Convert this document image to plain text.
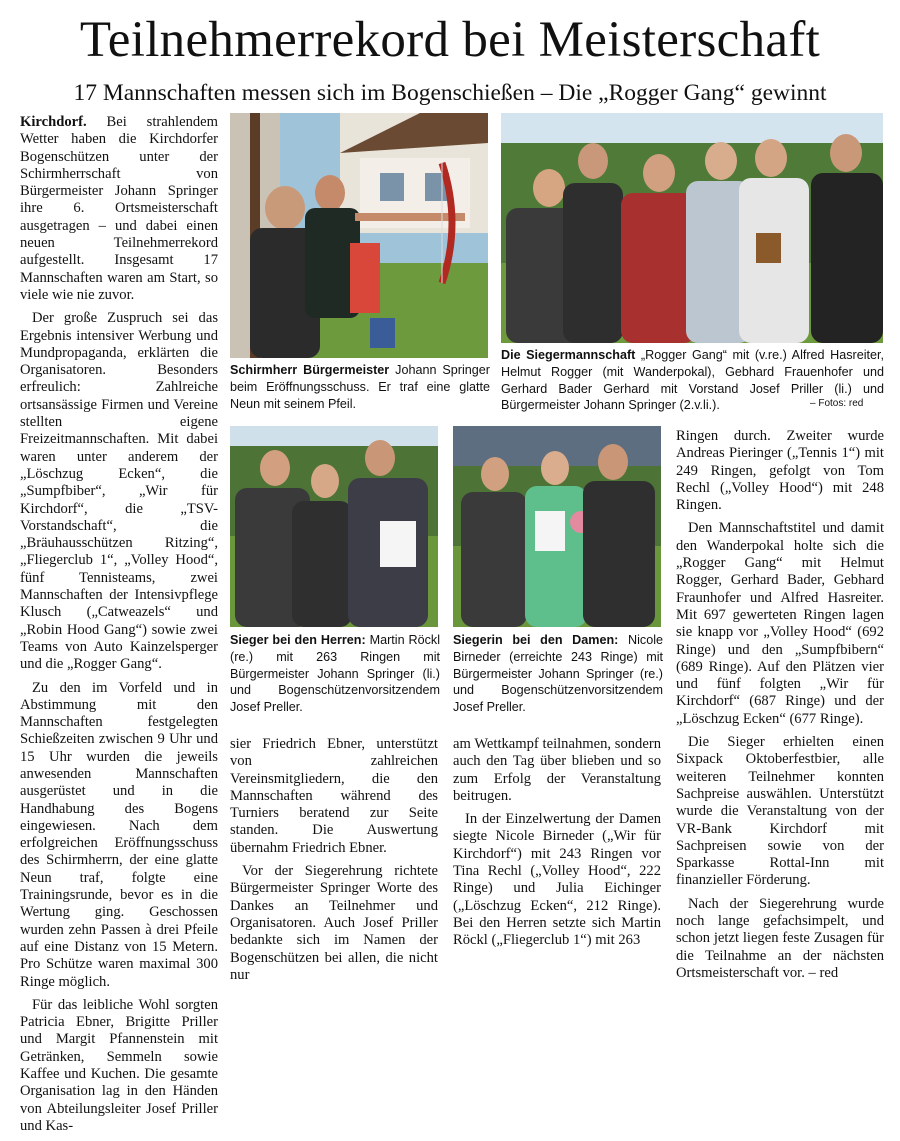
Teilnehmerrekord bei Meisterschaft
17 Mannschaften messen sich im Bogenschießen – Die „Rogger Gang“ gewinnt

Kirchdorf. Bei strahlendem Wetter haben die Kirchdorfer Bogenschützen unter der Schirmherrschaft von Bürgermeister Johann Springer ihre 6. Ortsmeisterschaft ausgetragen – und dabei einen neuen Teilnehmerrekord aufgestellt. Insgesamt 17 Mannschaften waren am Start, so viele wie nie zuvor.

Der große Zuspruch sei das Ergebnis intensiver Werbung und Mundpropaganda, erklärten die Organisatoren. Besonders erfreulich: Zahlreiche ortsansässige Firmen und Vereine stellten eigene Freizeitmannschaften. Mit dabei waren unter anderem der „Löschzug Ecken“, die „Sumpfbiber“, „Wir für Kirchdorf“, die „TSV-Vorstandschaft“, die „Bräuhausschützen Ritzing“, „Fliegerclub 1“, „Volley Hood“, fünf Tennisteams, zwei Mannschaften der Intensivpflege Klusch („Catweazels“ und „Robin Hood Gang“) sowie zwei Teams von Auto Kainzelsperger und die „Rogger Gang“.

Zu den im Vorfeld und in Abstimmung mit den Mannschaften festgelegten Schießzeiten zwischen 9 Uhr und 15 Uhr wurden die jeweils anwesenden Mannschaften ausgerüstet und in die Handhabung des Bogens eingewiesen. Nach dem erfolgreichen Eröffnungsschuss des Schirmherrn, der eine glatte Neun traf, folgte eine Trainingsrunde, bevor es in die Wertung ging. Geschossen wurden zehn Passen à drei Pfeile auf eine Distanz von 15 Metern. Pro Schütze waren maximal 300 Ringe möglich.

Für das leibliche Wohl sorgten Patricia Ebner, Brigitte Priller und Margit Pfannenstein mit Getränken, Semmeln sowie Kaffee und Kuchen. Die gesamte Organisation lag in den Händen von Abteilungsleiter Josef Priller und Kas-

Schirmherr Bürgermeister Johann Springer beim Eröffnungsschuss. Er traf eine glatte Neun mit seinem Pfeil.
Die Siegermannschaft „Rogger Gang“ mit (v.re.) Alfred Hasreiter, Helmut Rogger (mit Wanderpokal), Gebhard Frauenhofer und Gerhard Bader Gerhard mit Vorstand Josef Priller (li.) und Bürgermeister Johann Springer (2.v.li.).	– Fotos: red
Sieger bei den Herren: Martin Röckl (re.) mit 263 Ringen mit Bürgermeister Johann Springer (li.) und Bogenschützenvorsitzendem Josef Preller.
Siegerin bei den Damen: Nicole Birneder (erreichte 243 Ringe) mit Bürgermeister Johann Springer (re.) und Bogenschützenvorsitzendem Josef Preller.

sier Friedrich Ebner, unterstützt von zahlreichen Vereinsmitgliedern, die den Mannschaften während des Turniers beratend zur Seite standen. Die Auswertung übernahm Friedrich Ebner.

Vor der Siegerehrung richtete Bürgermeister Springer Worte des Dankes an Teilnehmer und Organisatoren. Auch Josef Priller bedankte sich im Namen der Bogenschützen bei allen, die nicht nur

am Wettkampf teilnahmen, sondern auch den Tag über blieben und so zum Erfolg der Veranstaltung beitrugen.

In der Einzelwertung der Damen siegte Nicole Birneder („Wir für Kirchdorf“) mit 243 Ringen vor Tina Rechl („Volley Hood“, 222 Ringe) und Julia Eichinger („Löschzug Ecken“, 212 Ringe). Bei den Herren setzte sich Martin Röckl („Fliegerclub 1“) mit 263

Ringen durch. Zweiter wurde Andreas Pieringer („Tennis 1“) mit 249 Ringen, gefolgt von Tom Rechl („Volley Hood“) mit 248 Ringen.

Den Mannschaftstitel und damit den Wanderpokal holte sich die „Rogger Gang“ mit Helmut Rogger, Gerhard Bader, Gebhard Fraunhofer und Alfred Hasreiter. Mit 697 gewerteten Ringen lagen sie knapp vor „Volley Hood“ (692 Ringe) und den „Sumpfbibern“ (689 Ringe). Auf den Plätzen vier und fünf folgten „Wir für Kirchdorf“ (687 Ringe) und der „Löschzug Ecken“ (677 Ringe).

Die Sieger erhielten einen Sixpack Oktoberfestbier, alle weiteren Teilnehmer konnten Sachpreise auswählen. Unterstützt wurde die Veranstaltung von der VR-Bank Kirchdorf mit Sachpreisen sowie von der Sparkasse Rottal-Inn mit finanzieller Förderung.

Nach der Siegerehrung wurde noch lange gefachsimpelt, und schon jetzt liegen feste Zusagen für die Teilnahme an der nächsten Ortsmeisterschaft vor. – red
